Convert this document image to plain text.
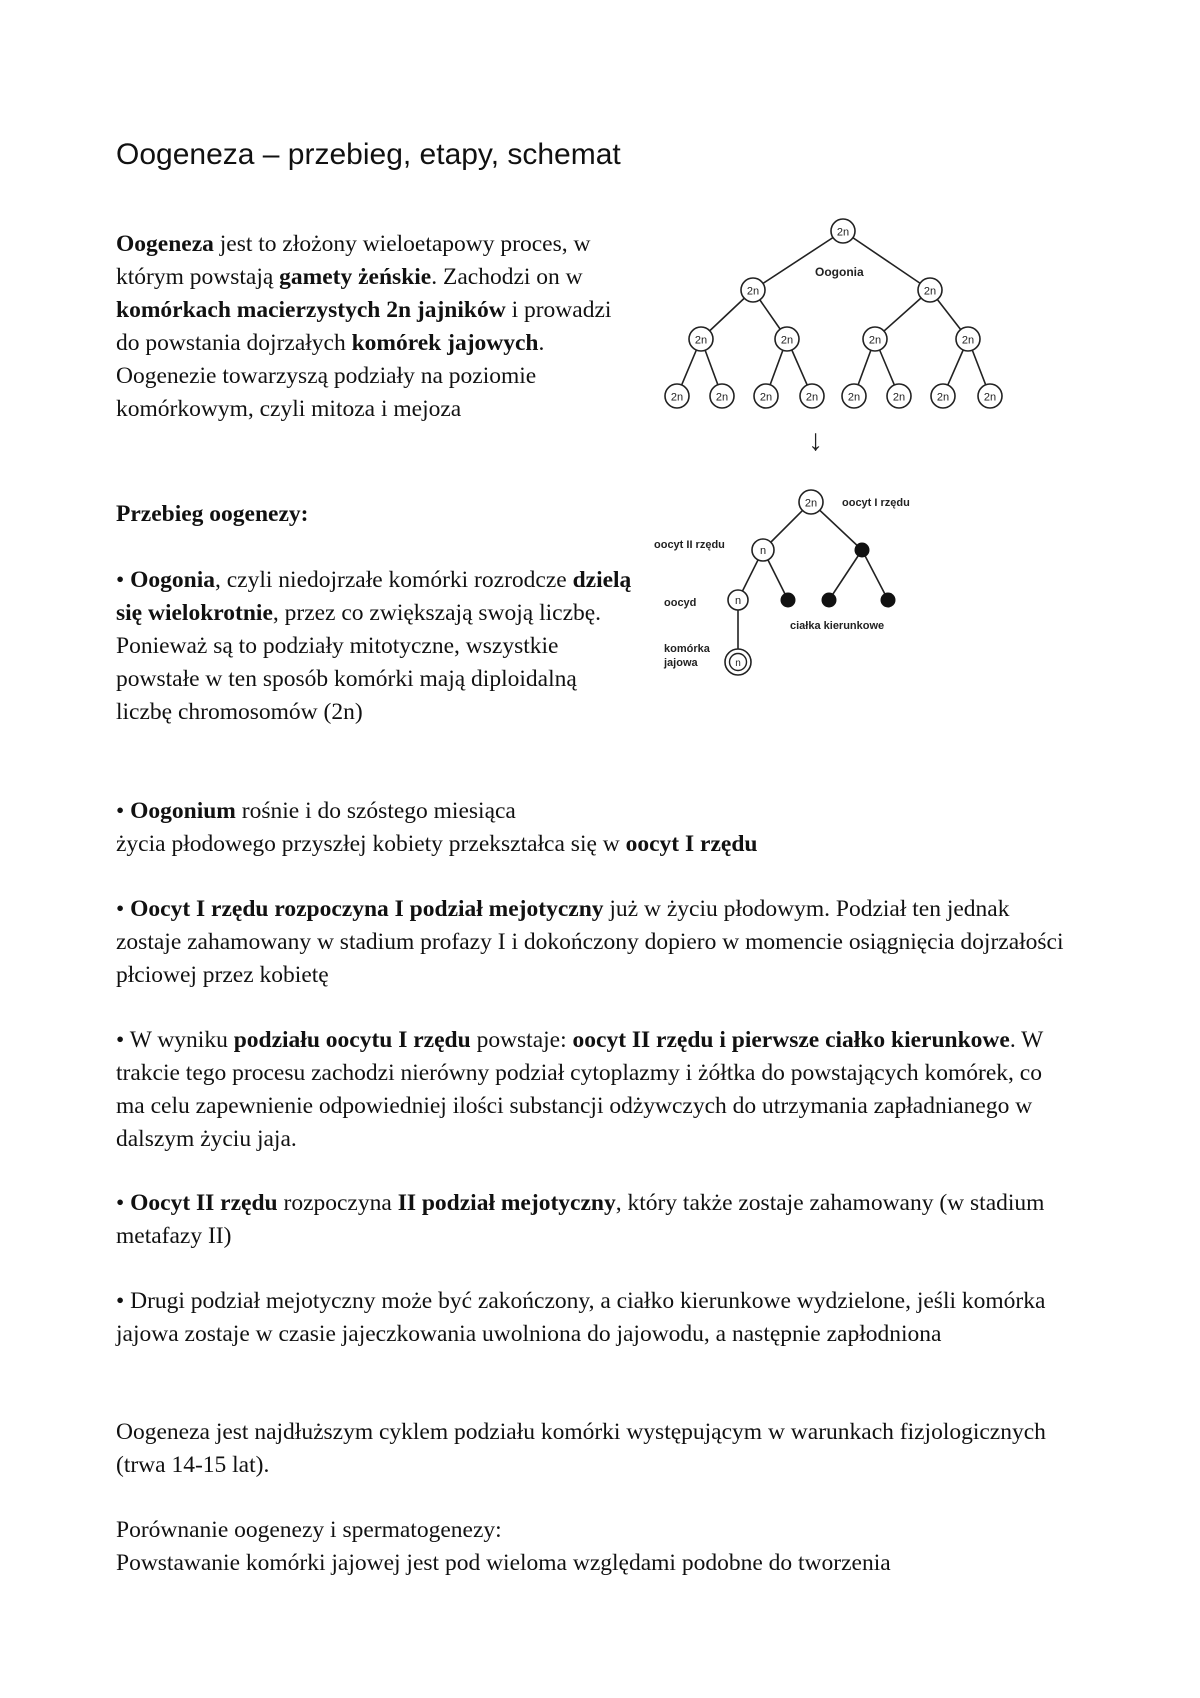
Oogeneza – przebieg, etapy, schemat

Oogeneza jest to złożony wieloetapowy proces, w którym powstają gamety żeńskie. Zachodzi on w komórkach macierzystych 2n jajników i prowadzi do powstania dojrzałych komórek jajowych. Oogenezie towarzyszą podziały na poziomie komórkowym, czyli mitoza i mejoza

Przebieg oogenezy:

• Oogonia, czyli niedojrzałe komórki rozrodcze dzielą się wielokrotnie, przez co zwiększają swoją liczbę. Ponieważ są to podziały mitotyczne, wszystkie powstałe w ten sposób komórki mają diploidalną liczbę chromosomów (2n)

• Oogonium rośnie i do szóstego miesiąca
życia płodowego przyszłej kobiety przekształca się w oocyt I rzędu

• Oocyt I rzędu rozpoczyna I podział mejotyczny już w życiu płodowym. Podział ten jednak zostaje zahamowany w stadium profazy I i dokończony dopiero w momencie osiągnięcia dojrzałości płciowej przez kobietę

• W wyniku podziału oocytu I rzędu powstaje: oocyt II rzędu i pierwsze ciałko kierunkowe. W trakcie tego procesu zachodzi nierówny podział cytoplazmy i żółtka do powstających komórek, co ma celu zapewnienie odpowiedniej ilości substancji odżywczych do utrzymania zapładnianego w dalszym życiu jaja.

• Oocyt II rzędu rozpoczyna II podział mejotyczny, który także zostaje zahamowany (w stadium metafazy II)

• Drugi podział mejotyczny może być zakończony, a ciałko kierunkowe wydzielone, jeśli komórka jajowa zostaje w czasie jajeczkowania uwolniona do jajowodu, a następnie zapłodniona

Oogeneza jest najdłuższym cyklem podziału komórki występującym w warunkach fizjologicznych (trwa 14-15 lat).

Porównanie oogenezy i spermatogenezy:

Powstawanie komórki jajowej jest pod wieloma względami podobne do tworzenia

2n
2n	2n
2n	2n	2n	2n
2n	2n	2n	2n	2n	2n	2n	2n
Oogonia
↓
2n
n
n
n
oocyt I rzędu
oocyt II rzędu
oocyd
ciałka kierunkowe
komórka
jajowa
